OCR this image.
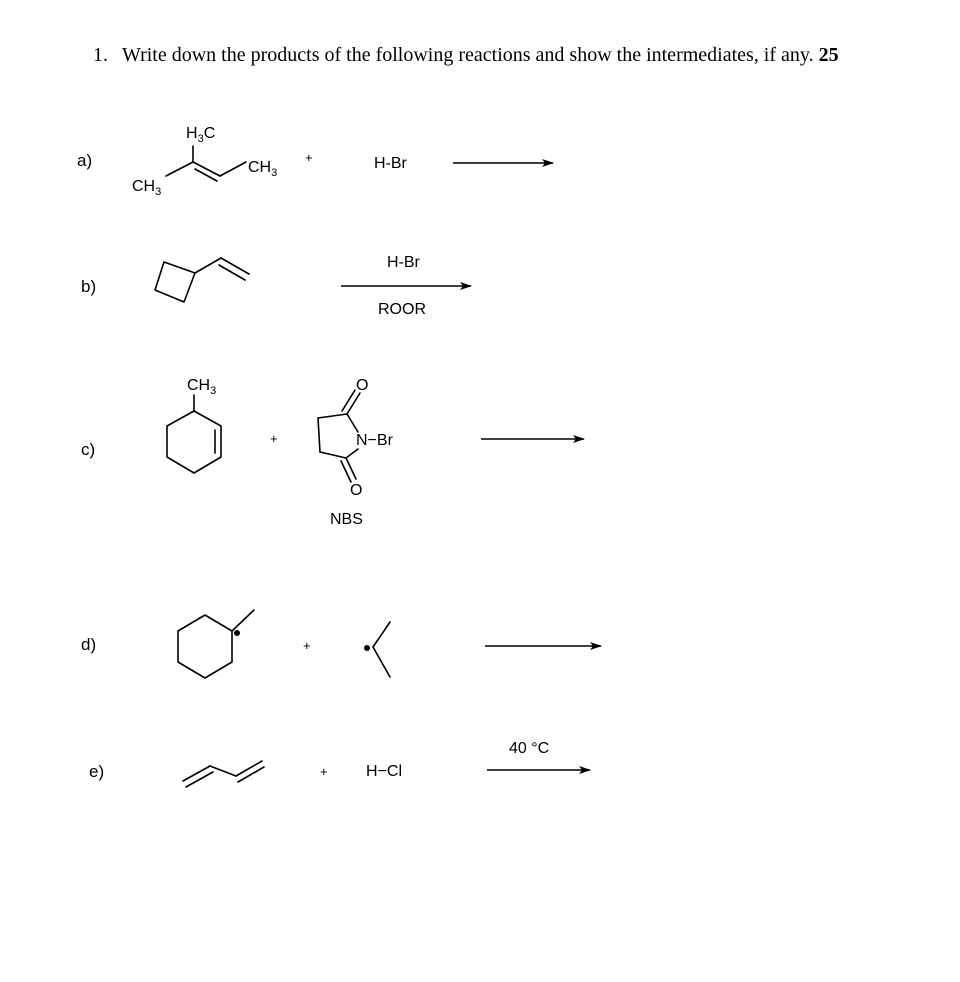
1. Write down the products of the following reactions and show the intermediates, if any. 25
a)
$H_3C$
$CH_3$
$CH_3$
+	H-Br
b)
H-Br
ROOR
c)
$CH_3$
+
O
O
N−Br
NBS
d)	+
e)	+ H−Cl
40 °C
